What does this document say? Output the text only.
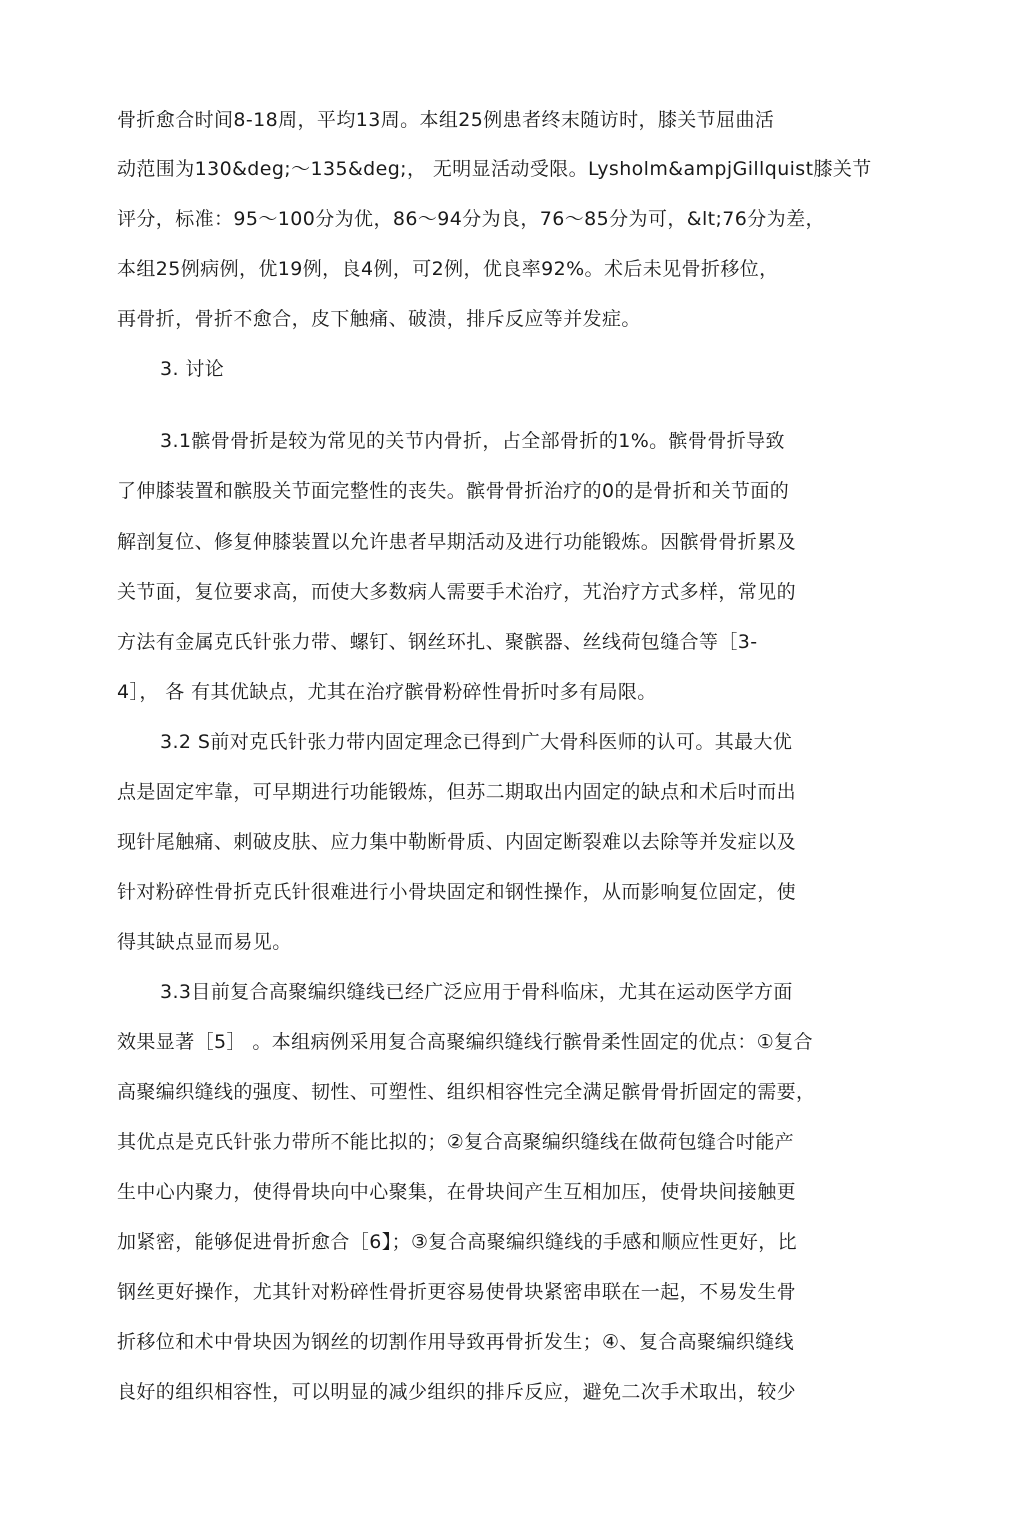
骨折愈合时间8-18周，平均13周。本组25例患者终末随访时，膝关节屈曲活
动范围为130&deg;～135&deg;， 无明显活动受限。Lysholm&ampjGillquist膝关节
评分，标准：95～100分为优，86～94分为良，76～85分为可，&lt;76分为差，
本组25例病例，优19例，良4例，可2例，优良率92%。术后未见骨折移位，
再骨折，骨折不愈合，皮下触痛、破溃，排斥反应等并发症。
3. 讨论
3.1髌骨骨折是较为常见的关节内骨折，占全部骨折的1%。髌骨骨折导致
了伸膝装置和髌股关节面完整性的丧失。髌骨骨折治疗的0的是骨折和关节面的
解剖复位、修复伸膝装置以允许患者早期活动及进行功能锻炼。因髌骨骨折累及
关节面，复位要求高，而使大多数病人需要手术治疗，艽治疗方式多样，常见的
方法有金属克氏针张力带、螺钉、钢丝环扎、聚髌器、丝线荷包缝合等［3-
4］， 各 有其优缺点，尤其在治疗髌骨粉碎性骨折吋多有局限。
3.2 S前对克氏针张力带内固定理念已得到广大骨科医师的认可。其最大优
点是固定牢靠，可早期进行功能锻炼，但苏二期取出内固定的缺点和术后吋而出
现针尾触痛、刺破皮肤、应力集中勒断骨质、内固定断裂难以去除等并发症以及
针对粉碎性骨折克氏针很难进行小骨块固定和钢性操作，从而影响复位固定，使
得其缺点显而易见。
3.3目前复合高聚编织缝线已经广泛应用于骨科临床，尤其在运动医学方面
效果显著［5］ 。本组病例采用复合高聚编织缝线行髌骨柔性固定的优点：①复合
高聚编织缝线的强度、韧性、可塑性、组织相容性完全满足髌骨骨折固定的需要，
其优点是克氏针张力带所不能比拟的；②复合高聚编织缝线在做荷包缝合吋能产
生中心内聚力，使得骨块向中心聚集，在骨块间产生互相加压，使骨块间接触更
加紧密，能够促进骨折愈合［6】；③复合高聚编织缝线的手感和顺应性更好，比
钢丝更好操作，尤其针对粉碎性骨折更容易使骨块紧密串联在一起，不易发生骨
折移位和术中骨块因为钢丝的切割作用导致再骨折发生；④、复合高聚编织缝线
良好的组织相容性，可以明显的减少组织的排斥反应，避免二次手术取出，较少
